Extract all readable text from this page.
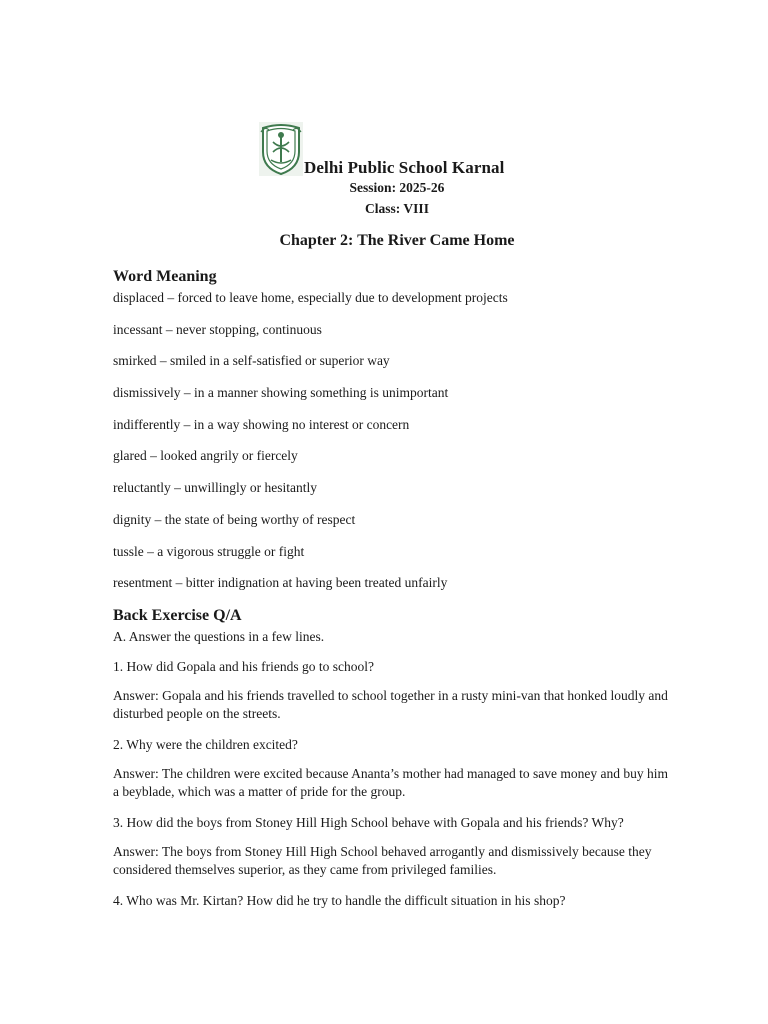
Delhi Public School Karnal
Session: 2025-26
Class: VIII
Chapter 2: The River Came Home
Word Meaning
displaced – forced to leave home, especially due to development projects
incessant – never stopping, continuous
smirked – smiled in a self-satisfied or superior way
dismissively – in a manner showing something is unimportant
indifferently – in a way showing no interest or concern
glared – looked angrily or fiercely
reluctantly – unwillingly or hesitantly
dignity – the state of being worthy of respect
tussle – a vigorous struggle or fight
resentment – bitter indignation at having been treated unfairly
Back Exercise Q/A

A. Answer the questions in a few lines.

1. How did Gopala and his friends go to school?

Answer: Gopala and his friends travelled to school together in a rusty mini-van that honked loudly and disturbed people on the streets.

2. Why were the children excited?

Answer: The children were excited because Ananta’s mother had managed to save money and buy him a beyblade, which was a matter of pride for the group.

3. How did the boys from Stoney Hill High School behave with Gopala and his friends? Why?

Answer: The boys from Stoney Hill High School behaved arrogantly and dismissively because they considered themselves superior, as they came from privileged families.

4. Who was Mr. Kirtan? How did he try to handle the difficult situation in his shop?
